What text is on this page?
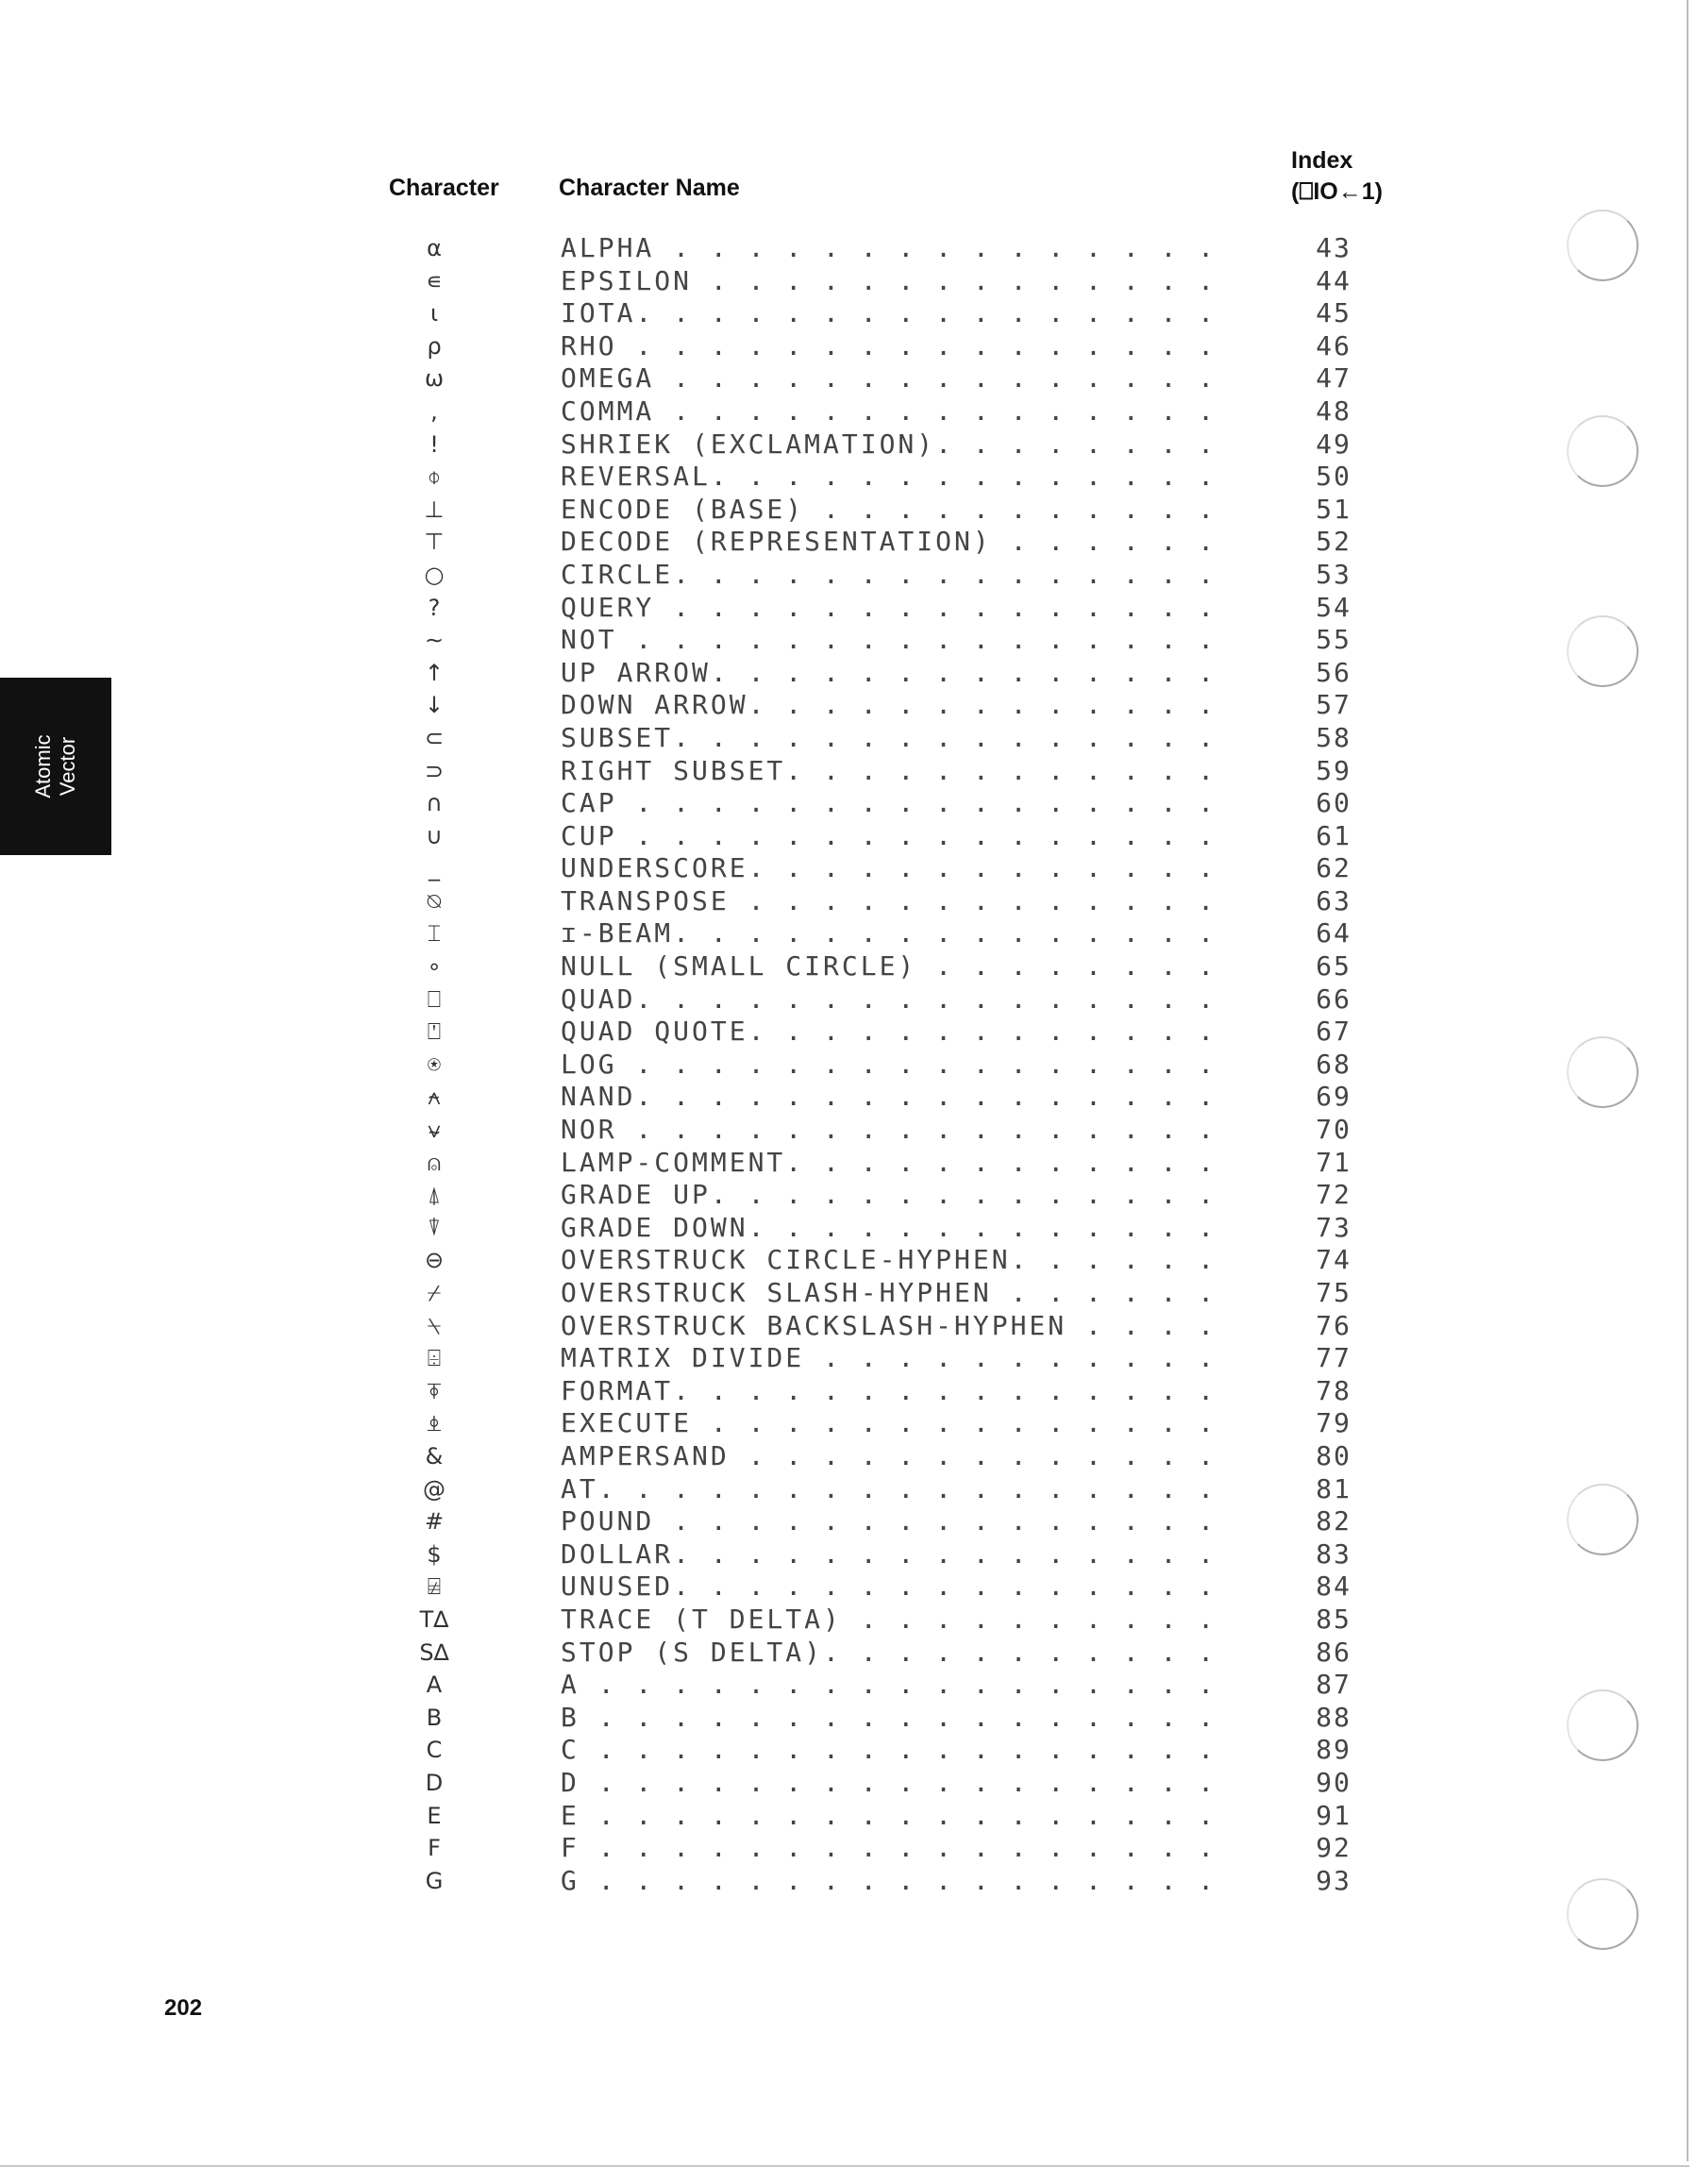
Character	Character Name
Index
(⎕IO←1)
⍺	ALPHA . . . . . . . . . . . . . . .	43
∊	EPSILON . . . . . . . . . . . . . .	44
⍳	IOTA. . . . . . . . . . . . . . . .	45
⍴	RHO . . . . . . . . . . . . . . . .	46
⍵	OMEGA . . . . . . . . . . . . . . .	47
,	COMMA . . . . . . . . . . . . . . .	48
!	SHRIEK (EXCLAMATION). . . . . . . .	49
⌽	REVERSAL. . . . . . . . . . . . . .	50
⊥	ENCODE (BASE) . . . . . . . . . . .	51
⊤	DECODE (REPRESENTATION) . . . . . .	52
○	CIRCLE. . . . . . . . . . . . . . .	53
?	QUERY . . . . . . . . . . . . . . .	54
∼	NOT . . . . . . . . . . . . . . . .	55
↑	UP ARROW. . . . . . . . . . . . . .	56
↓	DOWN ARROW. . . . . . . . . . . . .	57
⊂	SUBSET. . . . . . . . . . . . . . .	58
⊃	RIGHT SUBSET. . . . . . . . . . . .	59
∩	CAP . . . . . . . . . . . . . . . .	60
∪	CUP . . . . . . . . . . . . . . . .	61
_	UNDERSCORE. . . . . . . . . . . . .	62
⍉	TRANSPOSE . . . . . . . . . . . . .	63
⌶	ɪ-BEAM. . . . . . . . . . . . . . .	64
∘	NULL (SMALL CIRCLE) . . . . . . . .	65
⎕	QUAD. . . . . . . . . . . . . . . .	66
⍞	QUAD QUOTE. . . . . . . . . . . . .	67
⍟	LOG . . . . . . . . . . . . . . . .	68
⍲	NAND. . . . . . . . . . . . . . . .	69
⍱	NOR . . . . . . . . . . . . . . . .	70
⍝	LAMP-COMMENT. . . . . . . . . . . .	71
⍋	GRADE UP. . . . . . . . . . . . . .	72
⍒	GRADE DOWN. . . . . . . . . . . . .	73
⊖	OVERSTRUCK CIRCLE-HYPHEN. . . . . .	74
⌿	OVERSTRUCK SLASH-HYPHEN . . . . . .	75
⍀	OVERSTRUCK BACKSLASH-HYPHEN . . . .	76
⌹	MATRIX DIVIDE . . . . . . . . . . .	77
⍕	FORMAT. . . . . . . . . . . . . . .	78
⍎	EXECUTE . . . . . . . . . . . . . .	79
&	AMPERSAND . . . . . . . . . . . . .	80
@	AT. . . . . . . . . . . . . . . . .	81
#	POUND . . . . . . . . . . . . . . .	82
$	DOLLAR. . . . . . . . . . . . . . .	83
⍯	UNUSED. . . . . . . . . . . . . . .	84
T∆	TRACE (T DELTA) . . . . . . . . . .	85
S∆	STOP (S DELTA). . . . . . . . . . .	86
A	A . . . . . . . . . . . . . . . . .	87
B	B . . . . . . . . . . . . . . . . .	88
C	C . . . . . . . . . . . . . . . . .	89
D	D . . . . . . . . . . . . . . . . .	90
E	E . . . . . . . . . . . . . . . . .	91
F	F . . . . . . . . . . . . . . . . .	92
G	G . . . . . . . . . . . . . . . . .	93
Atomic
Vector
202
